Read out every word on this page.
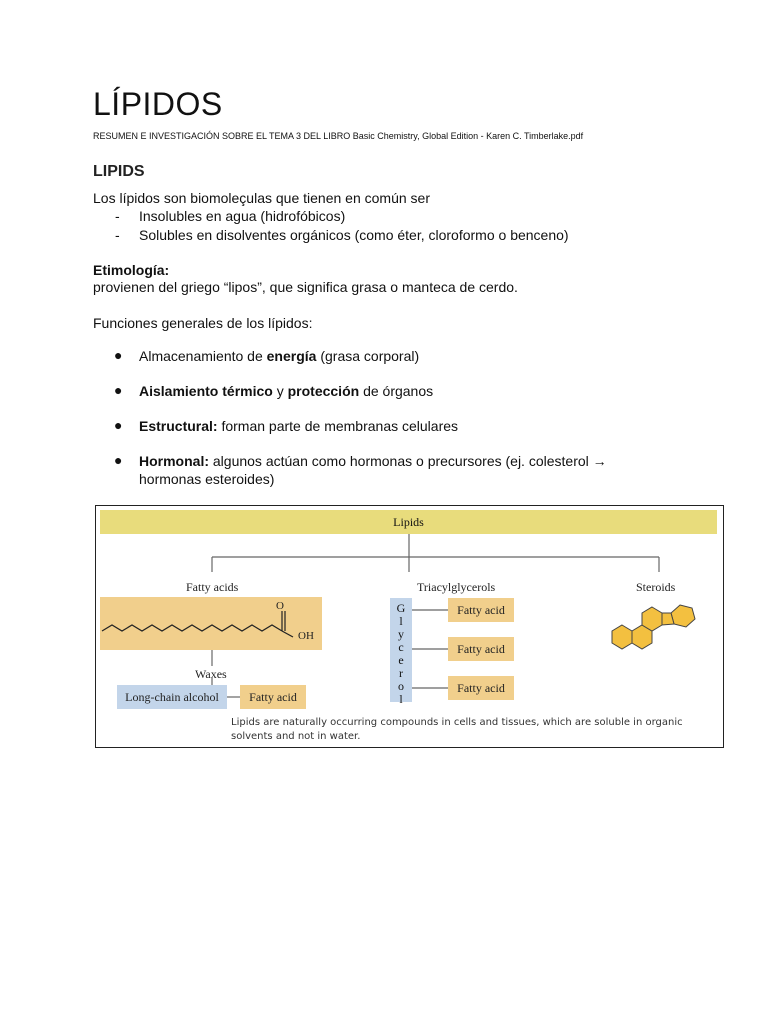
LÍPIDOS

RESUMEN E INVESTIGACIÓN SOBRE EL TEMA 3 DEL LIBRO Basic Chemistry, Global Edition - Karen C. Timberlake.pdf

LIPIDS

Los lípidos son biomoleçulas que tienen en común ser

- Insolubles en agua (hidrofóbicos)
- Solubles en disolventes orgánicos (como éter, cloroformo o benceno)

Etimología:

provienen del griego “lipos”, que significa grasa o manteca de cerdo.

Funciones generales de los lípidos:

●	Almacenamiento de energía (grasa corporal)
●	Aislamiento térmico y protección de órganos
●	Estructural: forman parte de membranas celulares
●	Hormonal: algunos actúan como hormonas o precursores (ej. colesterol → hormonas esteroides)
Lipids
Fatty acids	Triacylglycerols	Steroids
O
OH
Waxes
Long-chain alcohol	Fatty acid
G
l
y
c
e
r
o
l
Fatty acid
Fatty acid
Fatty acid
Lipids are naturally occurring compounds in cells and tissues, which are soluble in organic solvents and not in water.
